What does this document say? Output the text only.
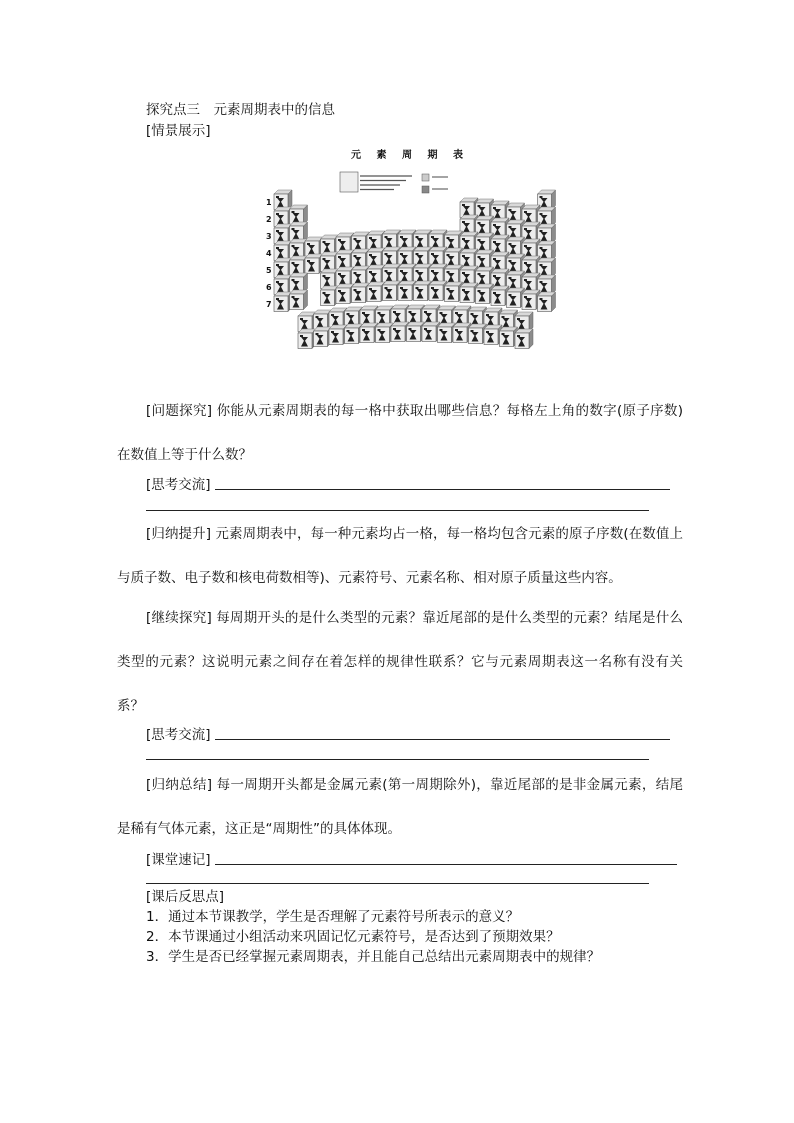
探究点三　元素周期表中的信息
[情景展示]
元 素 周 期 表
1
2
3
4
5
6
7
[问题探究] 你能从元素周期表的每一格中获取出哪些信息？每格左上角的数字(原子序数)在数值上等于什么数？
[思考交流]
[归纳提升] 元素周期表中，每一种元素均占一格，每一格均包含元素的原子序数(在数值上与质子数、电子数和核电荷数相等)、元素符号、元素名称、相对原子质量这些内容。
[继续探究] 每周期开头的是什么类型的元素？靠近尾部的是什么类型的元素？结尾是什么类型的元素？这说明元素之间存在着怎样的规律性联系？它与元素周期表这一名称有没有关系？
[思考交流]
[归纳总结] 每一周期开头都是金属元素(第一周期除外)，靠近尾部的是非金属元素，结尾是稀有气体元素，这正是“周期性”的具体体现。
[课堂速记]
[课后反思点]
1．通过本节课教学，学生是否理解了元素符号所表示的意义？
2．本节课通过小组活动来巩固记忆元素符号，是否达到了预期效果？
3．学生是否已经掌握元素周期表，并且能自己总结出元素周期表中的规律？
